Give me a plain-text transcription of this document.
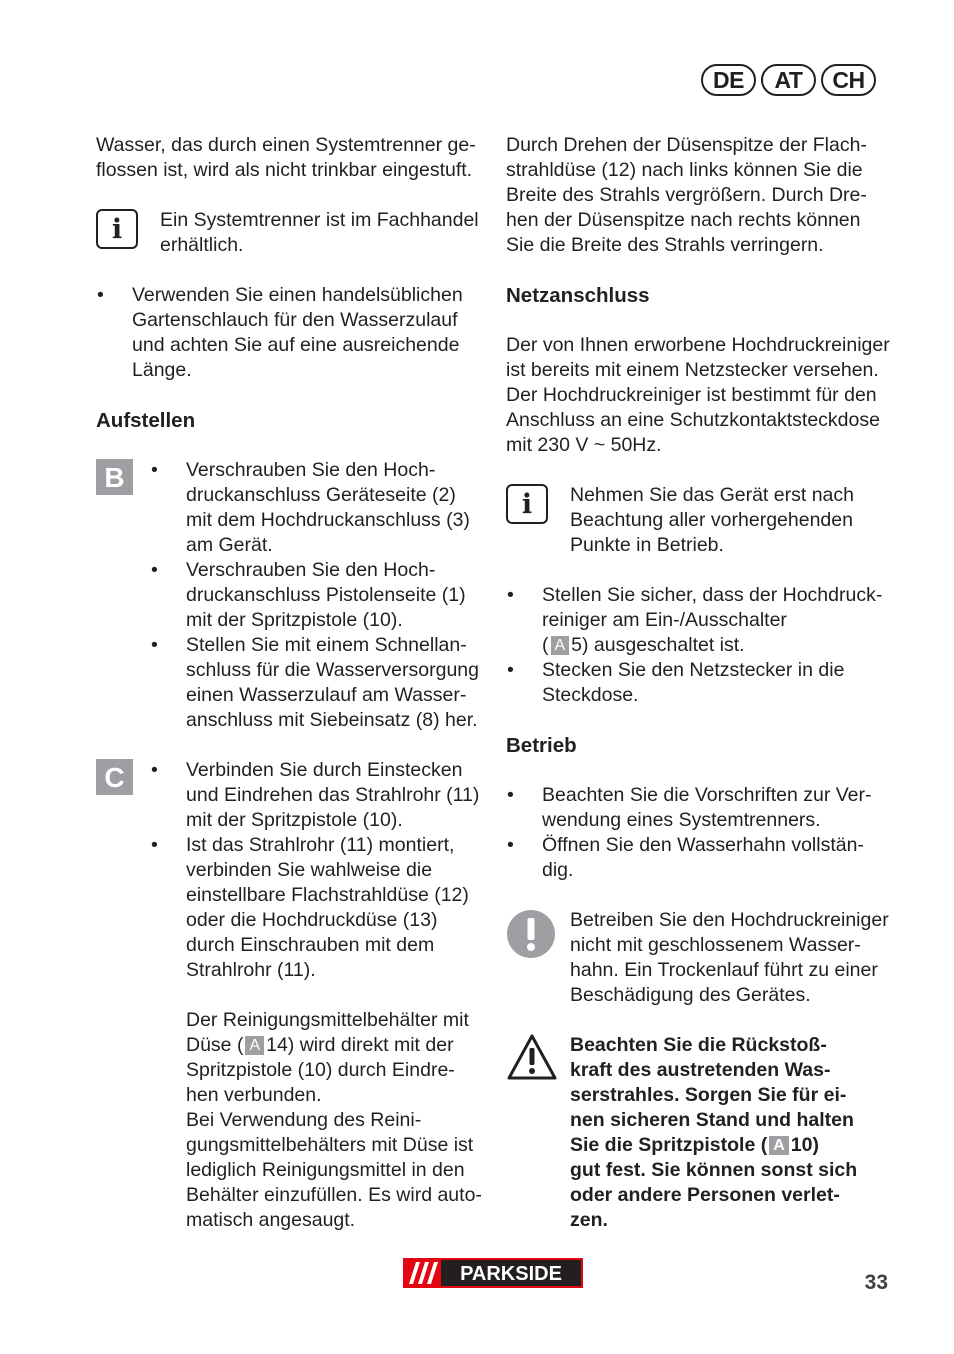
DE	AT	CH

Wasser, das durch einen Systemtrenner ge-
flossen ist, wird als nicht trinkbar eingestuft.

i	Ein Systemtrenner ist im Fachhandel
erhältlich.
• Verwenden Sie einen handelsüblichen
Gartenschlauch für den Wasserzulauf
und achten Sie auf eine ausreichende
Länge.
Aufstellen
B	• Verschrauben Sie den Hoch-
druckanschluss Geräteseite (2)
mit dem Hochdruckanschluss (3)
am Gerät.
• Verschrauben Sie den Hoch-
druckanschluss Pistolenseite (1)
mit der Spritzpistole (10).
• Stellen Sie mit einem Schnellan-
schluss für die Wasserversorgung
einen Wasserzulauf am Wasser-
anschluss mit Siebeinsatz (8) her.
C	• Verbinden Sie durch Einstecken
und Eindrehen das Strahlrohr (11)
mit der Spritzpistole (10).
• Ist das Strahlrohr (11) montiert,
verbinden Sie wahlweise die
einstellbare Flachstrahldüse (12)
oder die Hochdruckdüse (13)
durch Einschrauben mit dem
Strahlrohr (11).

Der Reinigungsmittelbehälter mit
Düse ( A 14) wird direkt mit der
Spritzpistole (10) durch Eindre-
hen verbunden.
Bei Verwendung des Reini-
gungsmittelbehälters mit Düse ist
lediglich Reinigungsmittel in den
Behälter einzufüllen. Es wird auto-
matisch angesaugt.

Durch Drehen der Düsenspitze der Flach-
strahldüse (12) nach links können Sie die
Breite des Strahls vergrößern. Durch Dre-
hen der Düsenspitze nach rechts können
Sie die Breite des Strahls verringern.

Netzanschluss

Der von Ihnen erworbene Hochdruckreiniger
ist bereits mit einem Netzstecker versehen.
Der Hochdruckreiniger ist bestimmt für den
Anschluss an eine Schutzkontaktsteckdose
mit 230 V ~ 50Hz.

i	Nehmen Sie das Gerät erst nach
Beachtung aller vorhergehenden
Punkte in Betrieb.
• Stellen Sie sicher, dass der Hochdruck-
reiniger am Ein-/Ausschalter
( A 5) ausgeschaltet ist.
• Stecken Sie den Netzstecker in die
Steckdose.
Betrieb
• Beachten Sie die Vorschriften zur Ver-
wendung eines Systemtrenners.
• Öffnen Sie den Wasserhahn vollstän-
dig.
Betreiben Sie den Hochdruckreiniger
nicht mit geschlossenem Wasser-
hahn. Ein Trockenlauf führt zu einer
Beschädigung des Gerätes.
Beachten Sie die Rückstoß-
kraft des austretenden Was-
serstrahles. Sorgen Sie für ei-
nen sicheren Stand und halten
Sie die Spritzpistole ( A 10)
gut fest. Sie können sonst sich
oder andere Personen verlet-
zen.
PARKSIDE	33
